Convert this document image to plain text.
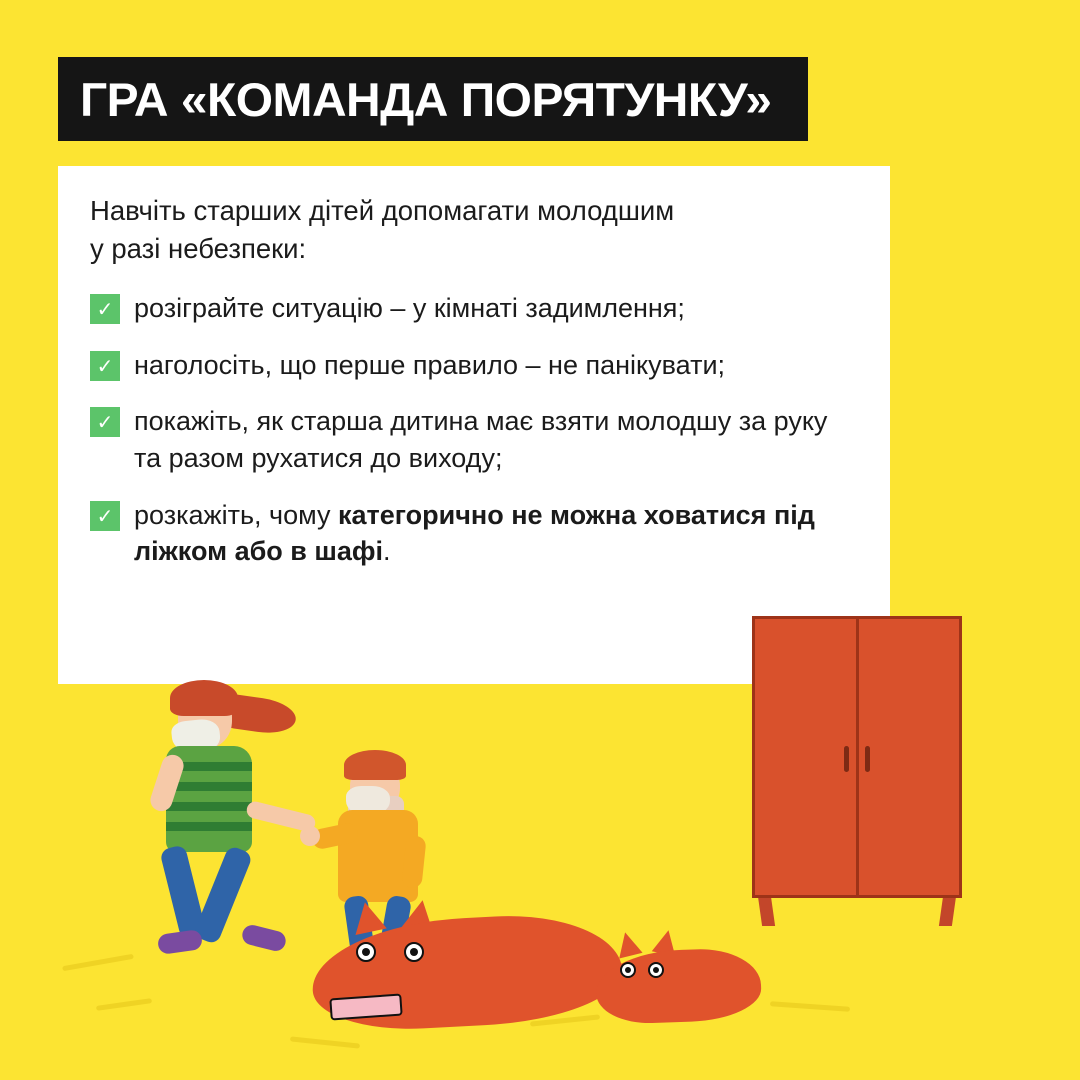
ГРА «КОМАНДА ПОРЯТУНКУ»
Навчіть старших дітей допомагати молодшим
у разі небезпеки:
✓ розіграйте ситуацію – у кімнаті задимлення;
✓ наголосіть, що перше правило – не панікувати;
✓ покажіть, як старша дитина має взяти молодшу за руку та разом рухатися до виходу;
✓ розкажіть, чому категорично не можна ховатися під ліжком або в шафі.
